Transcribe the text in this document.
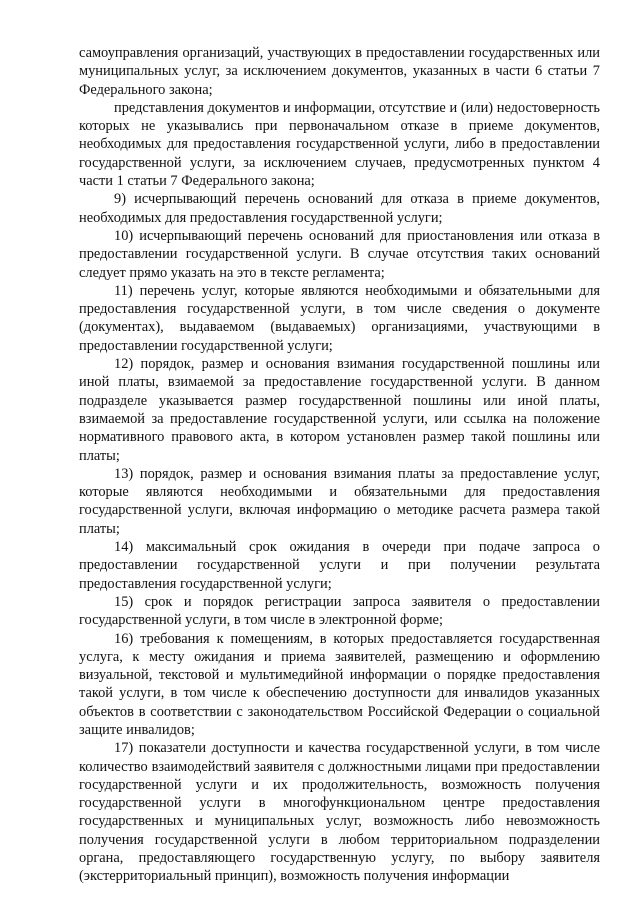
самоуправления организаций, участвующих в предоставлении государственных или муниципальных услуг, за исключением документов, указанных в части 6 статьи 7 Федерального закона;

представления документов и информации, отсутствие и (или) недостоверность которых не указывались при первоначальном отказе в приеме документов, необходимых для предоставления государственной услуги, либо в предоставлении государственной услуги, за исключением случаев, предусмотренных пунктом 4 части 1 статьи 7 Федерального закона;

9) исчерпывающий перечень оснований для отказа в приеме документов, необходимых для предоставления государственной услуги;

10) исчерпывающий перечень оснований для приостановления или отказа в предоставлении государственной услуги. В случае отсутствия таких оснований следует прямо указать на это в тексте регламента;

11) перечень услуг, которые являются необходимыми и обязательными для предоставления государственной услуги, в том числе сведения о документе (документах), выдаваемом (выдаваемых) организациями, участвующими в предоставлении государственной услуги;

12) порядок, размер и основания взимания государственной пошлины или иной платы, взимаемой за предоставление государственной услуги. В данном подразделе указывается размер государственной пошлины или иной платы, взимаемой за предоставление государственной услуги, или ссылка на положение нормативного правового акта, в котором установлен размер такой пошлины или платы;

13) порядок, размер и основания взимания платы за предоставление услуг, которые являются необходимыми и обязательными для предоставления государственной услуги, включая информацию о методике расчета размера такой платы;

14) максимальный срок ожидания в очереди при подаче запроса о предоставлении государственной услуги и при получении результата предоставления государственной услуги;

15) срок и порядок регистрации запроса заявителя о предоставлении государственной услуги, в том числе в электронной форме;

16) требования к помещениям, в которых предоставляется государственная услуга, к месту ожидания и приема заявителей, размещению и оформлению визуальной, текстовой и мультимедийной информации о порядке предоставления такой услуги, в том числе к обеспечению доступности для инвалидов указанных объектов в соответствии с законодательством Российской Федерации о социальной защите инвалидов;

17) показатели доступности и качества государственной услуги, в том числе количество взаимодействий заявителя с должностными лицами при предоставлении государственной услуги и их продолжительность, возможность получения государственной услуги в многофункциональном центре предоставления государственных и муниципальных услуг, возможность либо невозможность получения государственной услуги в любом территориальном подразделении органа, предоставляющего государственную услугу, по выбору заявителя (экстерриториальный принцип), возможность получения информации
